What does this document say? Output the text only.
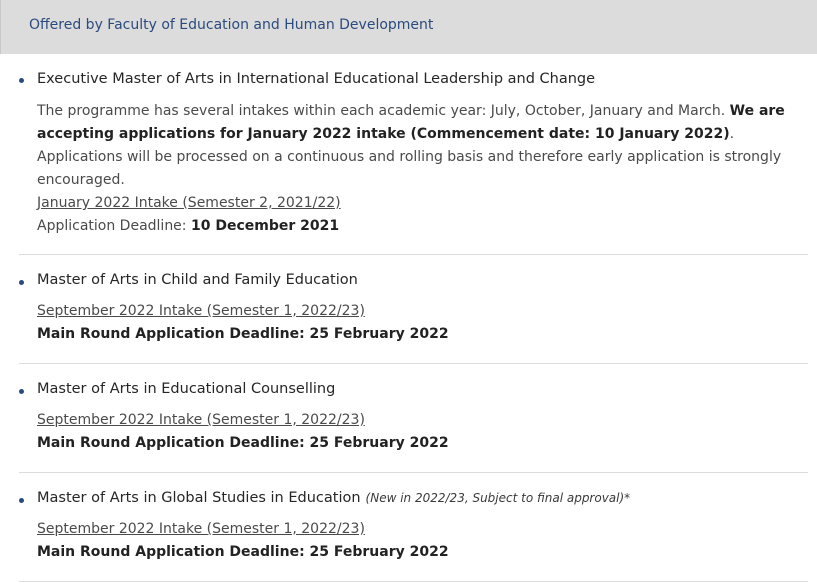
Offered by Faculty of Education and Human Development
Executive Master of Arts in International Educational Leadership and Change
The programme has several intakes within each academic year: July, October, January and March. We are accepting applications for January 2022 intake (Commencement date: 10 January 2022). Applications will be processed on a continuous and rolling basis and therefore early application is strongly encouraged.
January 2022 Intake (Semester 2, 2021/22)
Application Deadline: 10 December 2021
Master of Arts in Child and Family Education
September 2022 Intake (Semester 1, 2022/23)
Main Round Application Deadline: 25 February 2022
Master of Arts in Educational Counselling
September 2022 Intake (Semester 1, 2022/23)
Main Round Application Deadline: 25 February 2022
Master of Arts in Global Studies in Education (New in 2022/23, Subject to final approval)*
September 2022 Intake (Semester 1, 2022/23)
Main Round Application Deadline: 25 February 2022
